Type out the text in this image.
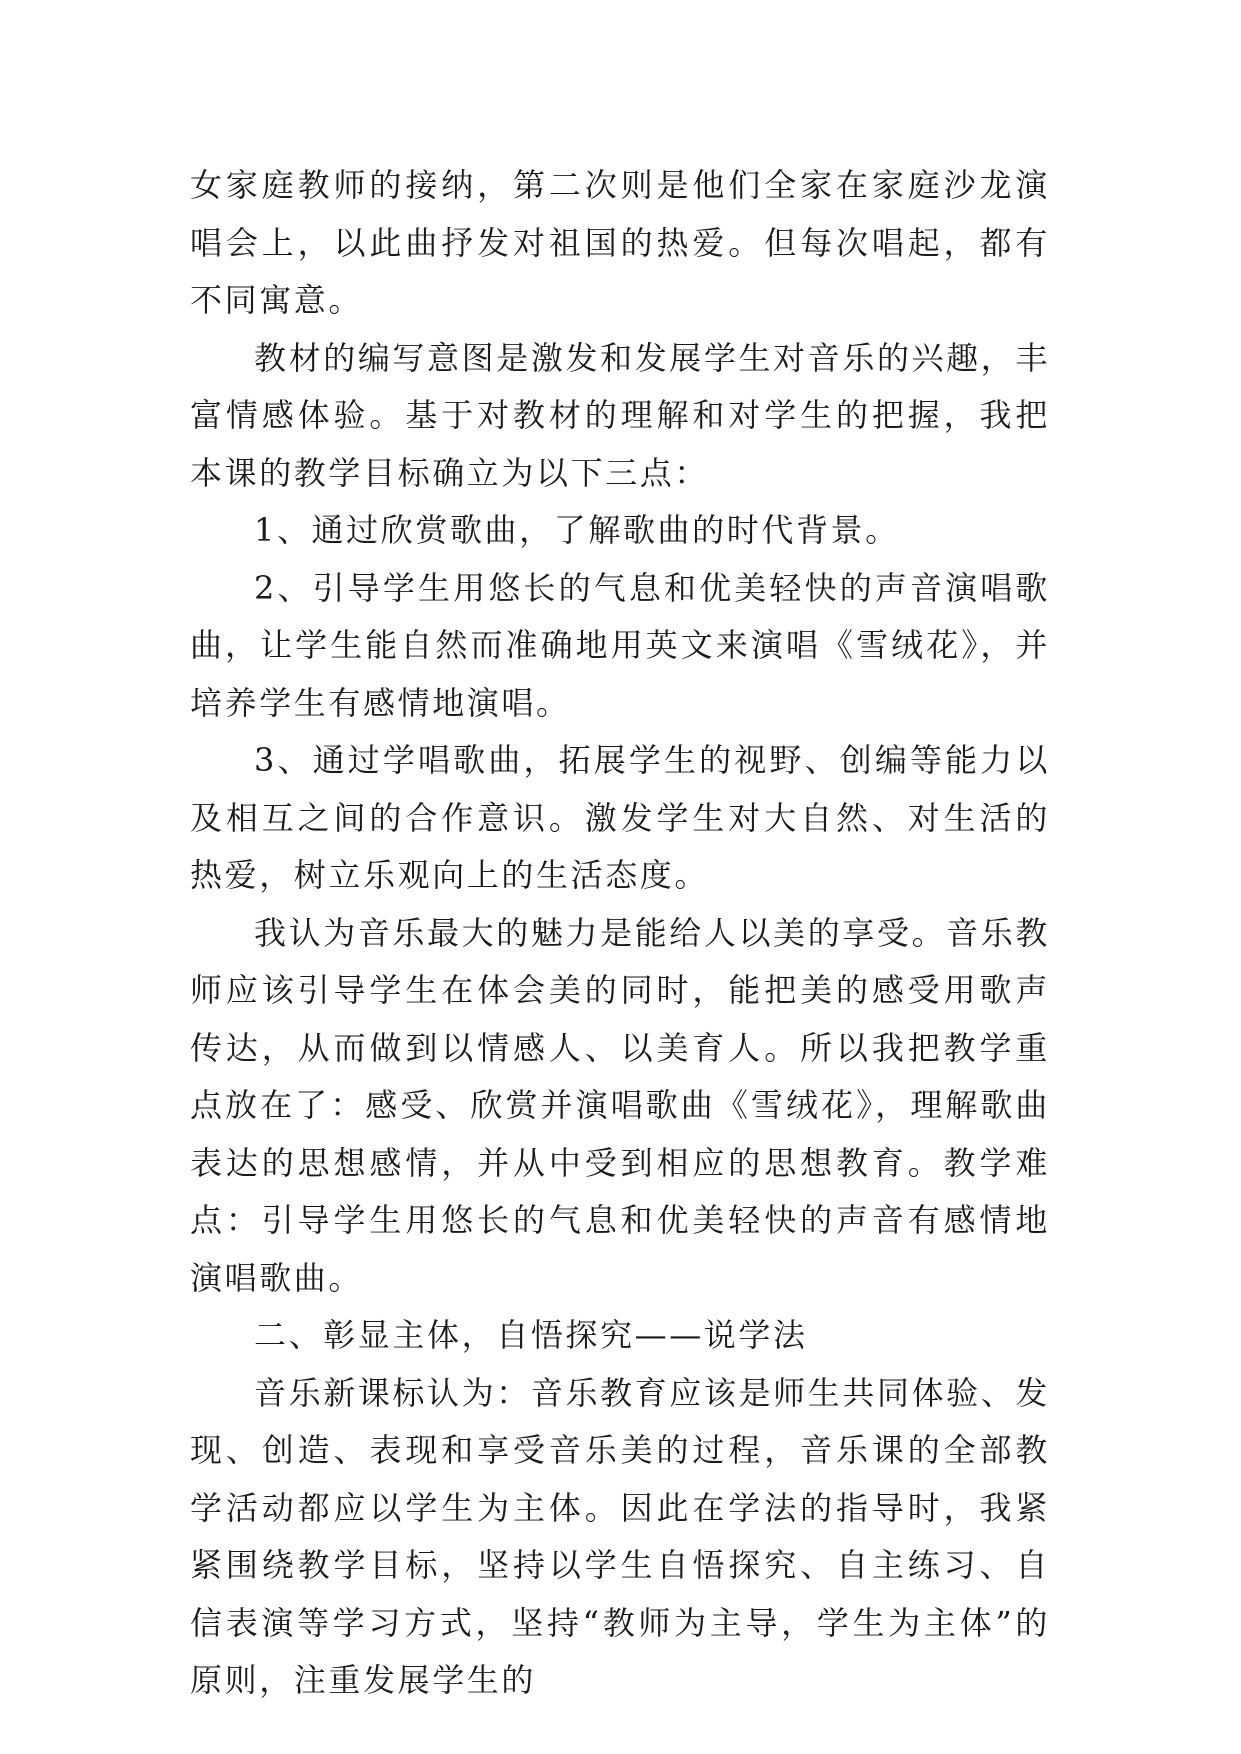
女家庭教师的接纳，第二次则是他们全家在家庭沙龙演唱会上，以此曲抒发对祖国的热爱。但每次唱起，都有不同寓意。

教材的编写意图是激发和发展学生对音乐的兴趣，丰富情感体验。基于对教材的理解和对学生的把握，我把本课的教学目标确立为以下三点：

1、通过欣赏歌曲，了解歌曲的时代背景。

2、引导学生用悠长的气息和优美轻快的声音演唱歌曲，让学生能自然而准确地用英文来演唱《雪绒花》，并培养学生有感情地演唱。

3、通过学唱歌曲，拓展学生的视野、创编等能力以及相互之间的合作意识。激发学生对大自然、对生活的热爱，树立乐观向上的生活态度。

我认为音乐最大的魅力是能给人以美的享受。音乐教师应该引导学生在体会美的同时，能把美的感受用歌声传达，从而做到以情感人、以美育人。所以我把教学重点放在了：感受、欣赏并演唱歌曲《雪绒花》，理解歌曲表达的思想感情，并从中受到相应的思想教育。教学难点：引导学生用悠长的气息和优美轻快的声音有感情地演唱歌曲。

二、彰显主体，自悟探究——说学法

音乐新课标认为：音乐教育应该是师生共同体验、发现、创造、表现和享受音乐美的过程，音乐课的全部教学活动都应以学生为主体。因此在学法的指导时，我紧紧围绕教学目标，坚持以学生自悟探究、自主练习、自信表演等学习方式，坚持“教师为主导，学生为主体”的原则，注重发展学生的
